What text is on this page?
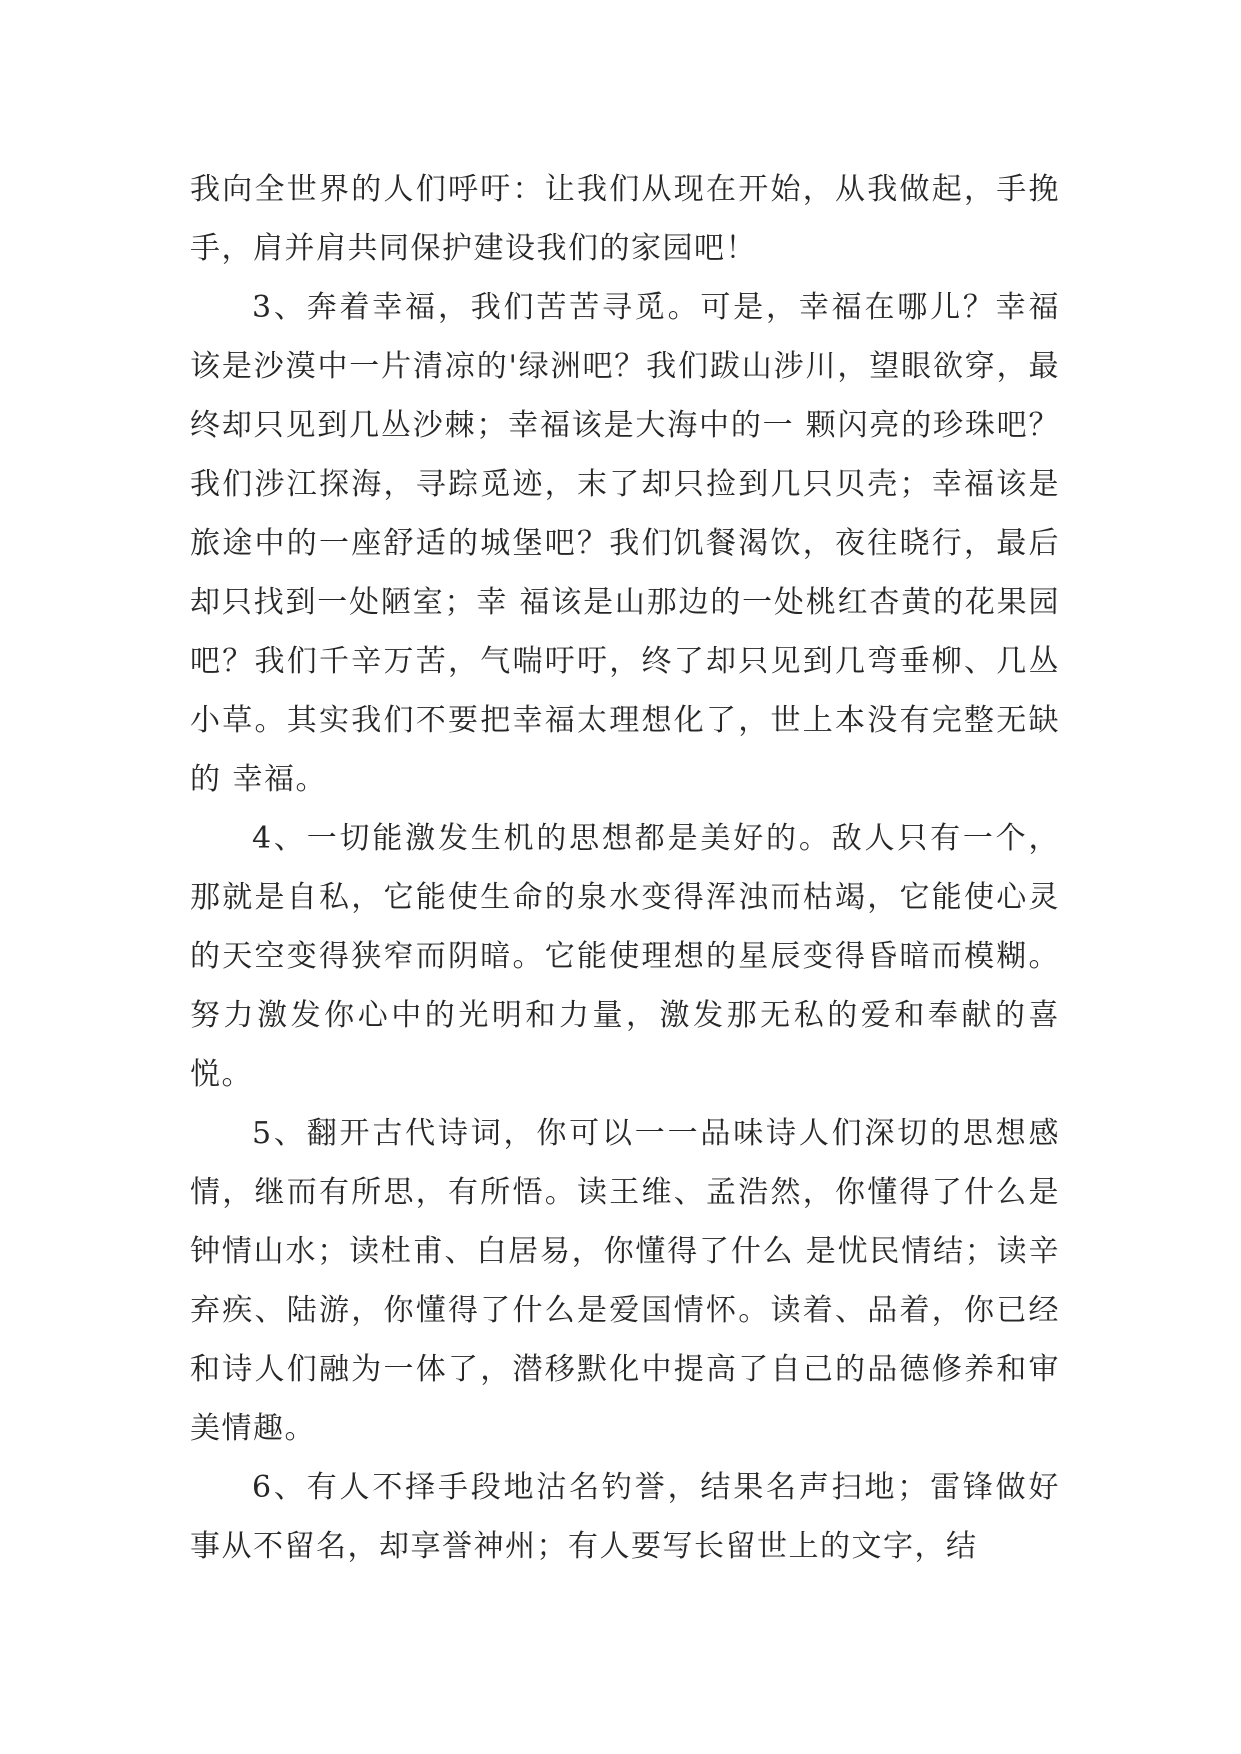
我向全世界的人们呼吁：让我们从现在开始，从我做起，手挽手，肩并肩共同保护建设我们的家园吧！

3、奔着幸福，我们苦苦寻觅。可是，幸福在哪儿？幸福该是沙漠中一片清凉的'绿洲吧？我们跋山涉川，望眼欲穿，最终却只见到几丛沙棘；幸福该是大海中的一 颗闪亮的珍珠吧？我们涉江探海，寻踪觅迹，末了却只捡到几只贝壳；幸福该是旅途中的一座舒适的城堡吧？我们饥餐渴饮，夜往晓行，最后却只找到一处陋室；幸 福该是山那边的一处桃红杏黄的花果园吧？我们千辛万苦，气喘吁吁，终了却只见到几弯垂柳、几丛小草。其实我们不要把幸福太理想化了，世上本没有完整无缺的 幸福。

4、一切能激发生机的思想都是美好的。敌人只有一个，那就是自私，它能使生命的泉水变得浑浊而枯竭，它能使心灵的天空变得狭窄而阴暗。它能使理想的星辰变得昏暗而模糊。努力激发你心中的光明和力量，激发那无私的爱和奉献的喜悦。

5、翻开古代诗词，你可以一一品味诗人们深切的思想感情，继而有所思，有所悟。读王维、孟浩然，你懂得了什么是钟情山水；读杜甫、白居易，你懂得了什么 是忧民情结；读辛弃疾、陆游，你懂得了什么是爱国情怀。读着、品着，你已经和诗人们融为一体了，潜移默化中提高了自己的品德修养和审美情趣。

6、有人不择手段地沽名钓誉，结果名声扫地；雷锋做好事从不留名，却享誉神州；有人要写长留世上的文字，结
